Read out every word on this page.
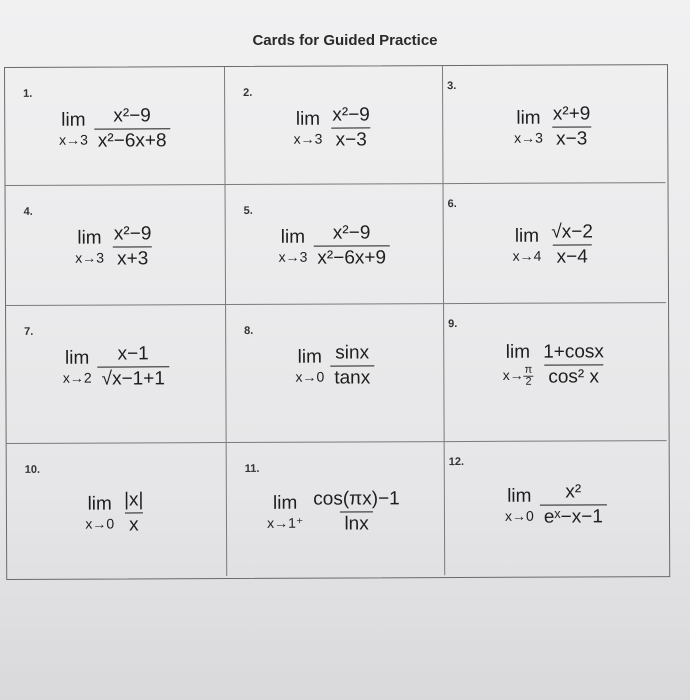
Cards for Guided Practice
1.
lim
$x\to 3 \frac{\text{x²−9}}{\text{x²−6x+8}}$
2.
lim
$x\to 3 \frac{\text{x²−9}}{x-3}$
3.
lim
$x\to 3 \frac{\text{x²+9}}{x-3}$
4.
lim
$x\to 3 \frac{\text{x²−9}}{x+3}$
5.
lim
$x\to 3 \frac{\text{x²−9}}{\text{x²−6x+9}}$
6.
lim
$x\to 4 \frac{√x-2}{x-4}$
7.
lim
$x\to 2 \frac{x-1}{√x-1+1}$
8.
lim
$x\to 0 \frac{\sin x}{\tan x}$
9.
lim
$x\to \frac{\pi}{2} \frac{1+\cos x}{\text{cos² x}}$
10.
lim
$x\to 0 \frac{|x|}{x}$
11.
lim
$x\to 1^+ \frac{\cos(\pi x)-1}{\ln x}$
12.
lim
$x\to 0 \frac{\text{x²}}{\text{eˣ−x−1}}$
